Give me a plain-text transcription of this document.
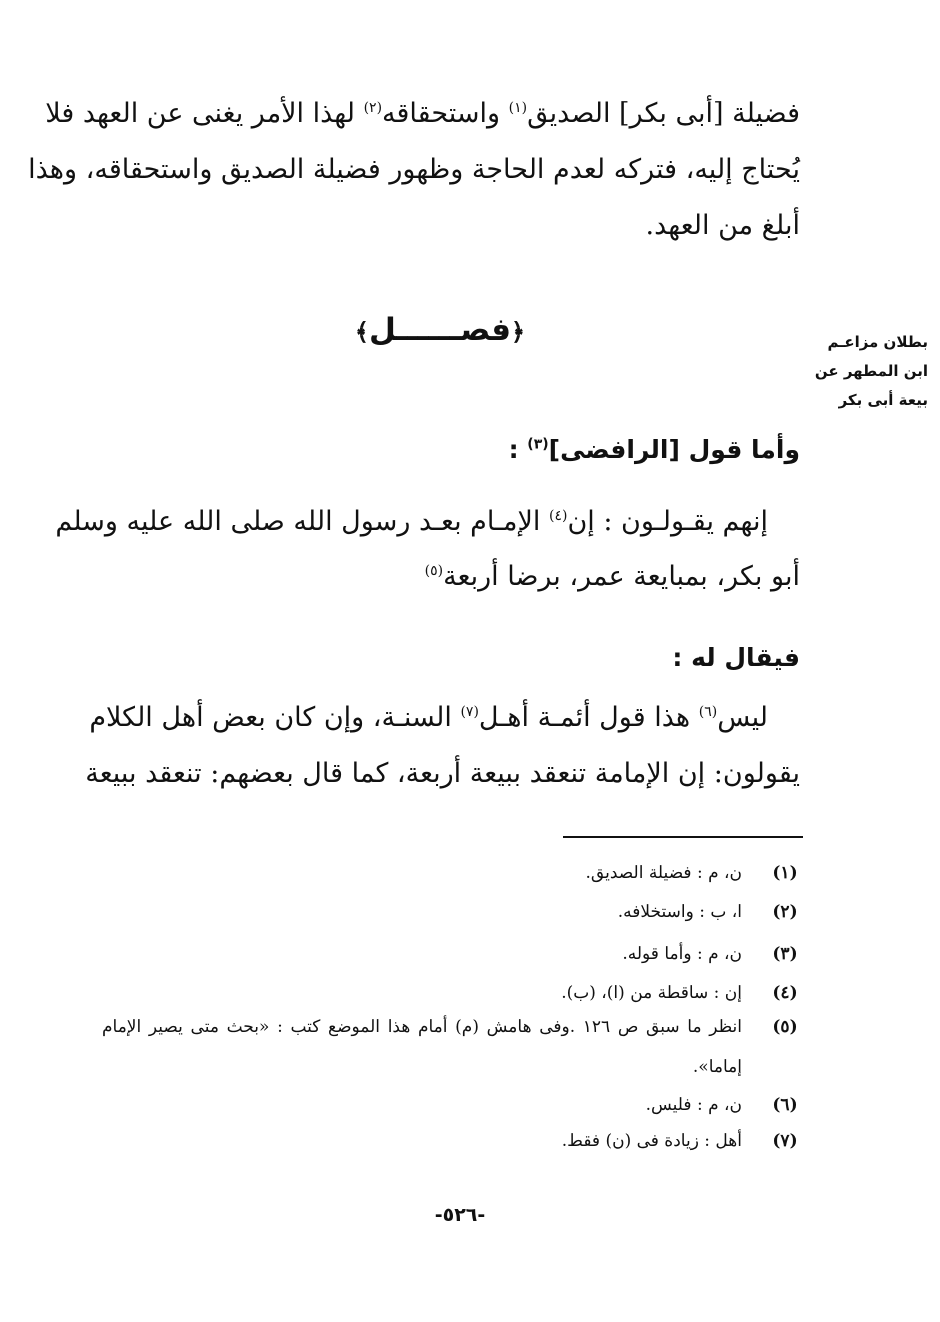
فضيلة [أبى بكر] الصديق$^{(١)}$ واستحقاقه$^{(٢)}$ لهذا الأمر يغنى عن العهد فلا
يُحتاج إليه، فتركه لعدم الحاجة وظهور فضيلة الصديق واستحقاقه، وهذا
أبلغ من العهد.
﴿فصــــــل﴾	بطلان مزاعـم
ابن المطهر عن
بيعة أبى بكر
وأما قول [الرافضى]$^{(٣)}$ :
إنهم يقـولـون : إن$^{(٤)}$ الإمـام بعـد رسول الله صلى الله عليه وسلم
أبو بكر، بمبايعة عمر، برضا أربعة$^{(٥)}$
فيقال له :
ليس$^{(٦)}$ هذا قول أئمـة أهـل$^{(٧)}$ السنـة، وإن كان بعض أهل الكلام
يقولون: إن الإمامة تنعقد ببيعة أربعة، كما قال بعضهم: تنعقد ببيعة
(١)
ن، م : فضيلة الصديق.
(٢)
ا، ب : واستخلافه.
(٣)
ن، م : وأما قوله.
(٤)
إن : ساقطة من (ا)، (ب).
(٥)
انظر ما سبق ص ١٢٦ .وفى هامش (م) أمام هذا الموضع كتب : «بحث متى يصير الإمام
إماما».
(٦)
ن، م : فليس.
(٧)
أهل : زيادة فى (ن) فقط.
-٥٢٦-
